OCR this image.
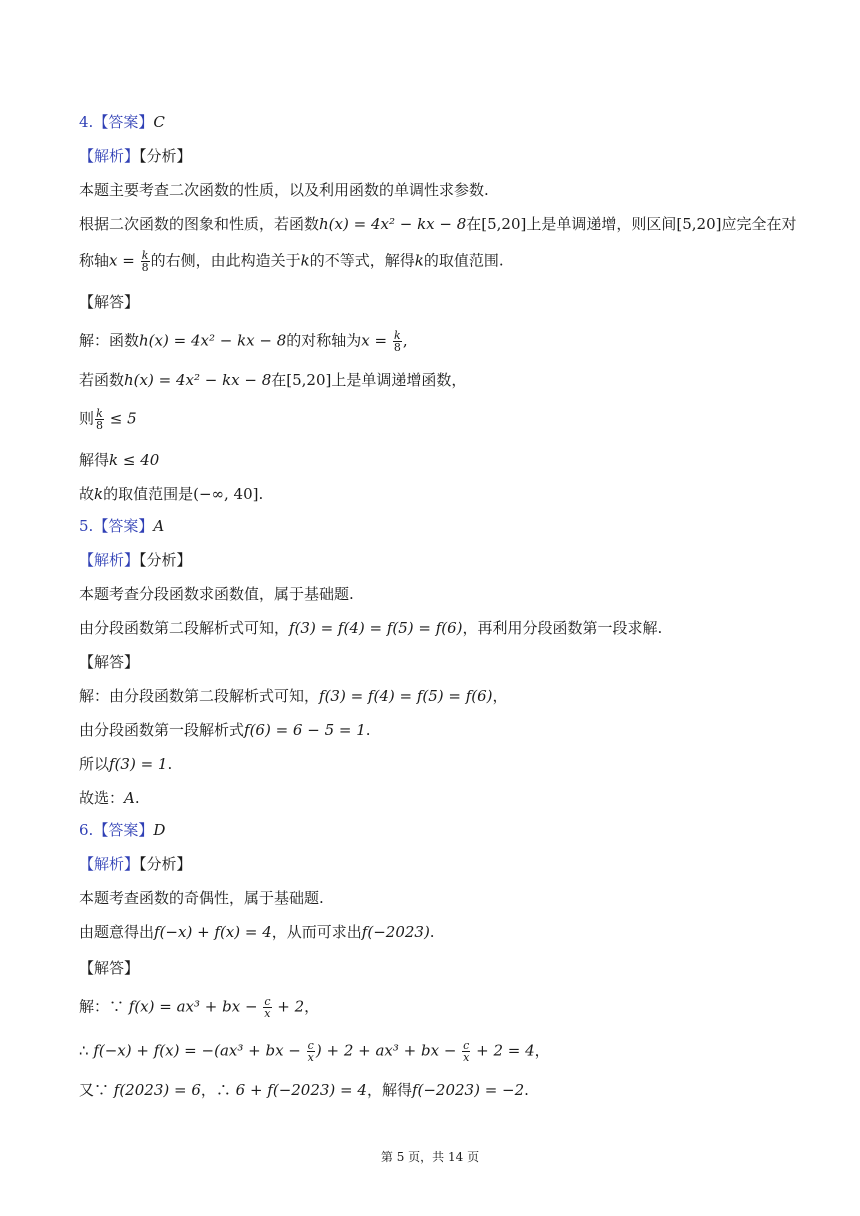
4.【答案】C
【解析】【分析】
本题主要考查二次函数的性质，以及利用函数的单调性求参数.
根据二次函数的图象和性质，若函数h(x) = 4x² − kx − 8在[5,20]上是单调递增，则区间[5,20]应完全在对
称轴$x = \frac{k}{8}$ 的右侧，由此构造关于k的不等式，解得k的取值范围.
【解答】
解：函数h(x) = 4x² − kx − 8的对称轴为$x = \frac{k}{8}$ ,
若函数h(x) = 4x² − kx − 8在[5,20]上是单调递增函数，
则 $\frac{k}{8} \le 5$
解得k ≤ 40
故k的取值范围是(−∞, 40].
5.【答案】A
【解析】【分析】
本题考查分段函数求函数值，属于基础题.
由分段函数第二段解析式可知，f(3) = f(4) = f(5) = f(6)，再利用分段函数第一段求解.
【解答】
解：由分段函数第二段解析式可知，f(3) = f(4) = f(5) = f(6)，
由分段函数第一段解析式f(6) = 6 − 5 = 1.
所以f(3) = 1.
故选：A.
6.【答案】D
【解析】【分析】
本题考查函数的奇偶性，属于基础题.
由题意得出f(−x) + f(x) = 4，从而可求出f(−2023).
【解答】
解：∵ f(x) = ax³ + bx − $\frac{c}{x} + 2$，
∴ f(−x) + f(x) = −(ax³ + bx − $\frac{c}{x}$ ) + 2 + ax³ + bx − $\frac{c}{x} + 2 = 4$，
又∵ f(2023) = 6，∴ 6 + f(−2023) = 4，解得f(−2023) = −2.
第 5 页，共 14 页
